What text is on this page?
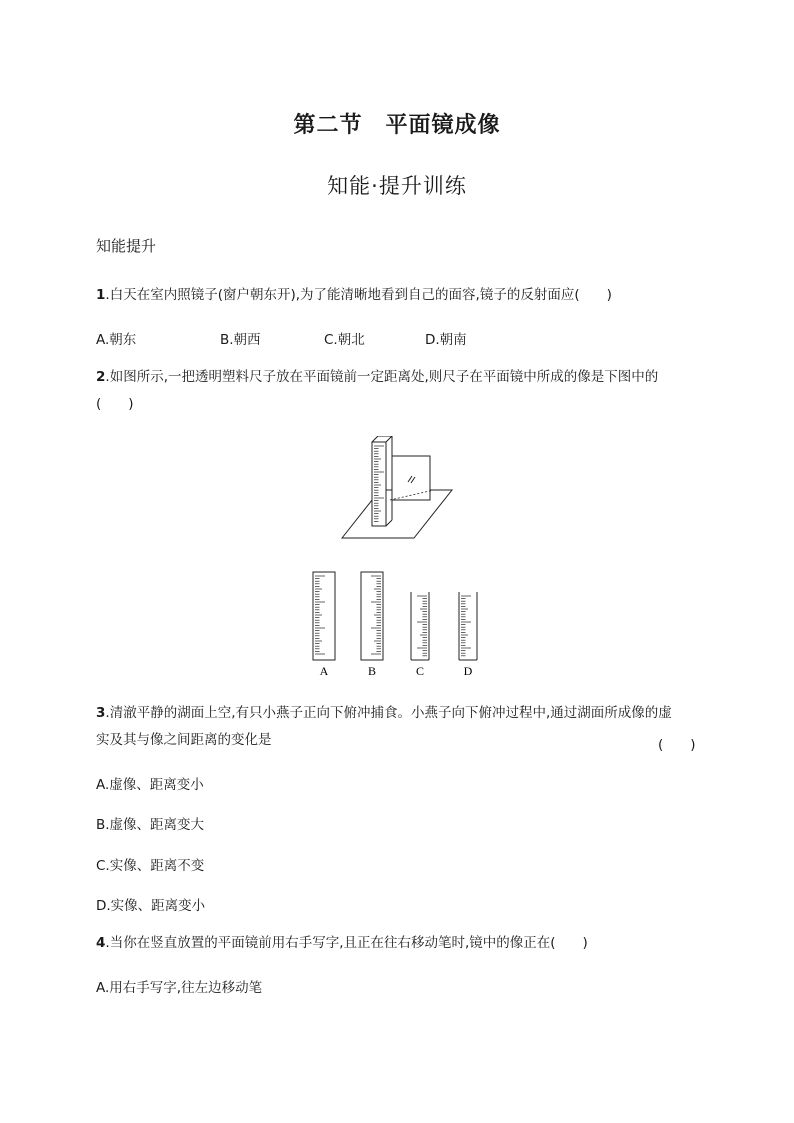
第二节　平面镜成像
知能·提升训练
知能提升
1.白天在室内照镜子(窗户朝东开),为了能清晰地看到自己的面容,镜子的反射面应(　　)
A.朝东	B.朝西	C.朝北	D.朝南
2.如图所示,一把透明塑料尺子放在平面镜前一定距离处,则尺子在平面镜中所成的像是下图中的
(　　)
A	B	C	D
3.清澈平静的湖面上空,有只小燕子正向下俯冲捕食。小燕子向下俯冲过程中,通过湖面所成像的虚
实及其与像之间距离的变化是	(　　)
A.虚像、距离变小
B.虚像、距离变大
C.实像、距离不变
D.实像、距离变小
4.当你在竖直放置的平面镜前用右手写字,且正在往右移动笔时,镜中的像正在(　　)
A.用右手写字,往左边移动笔
